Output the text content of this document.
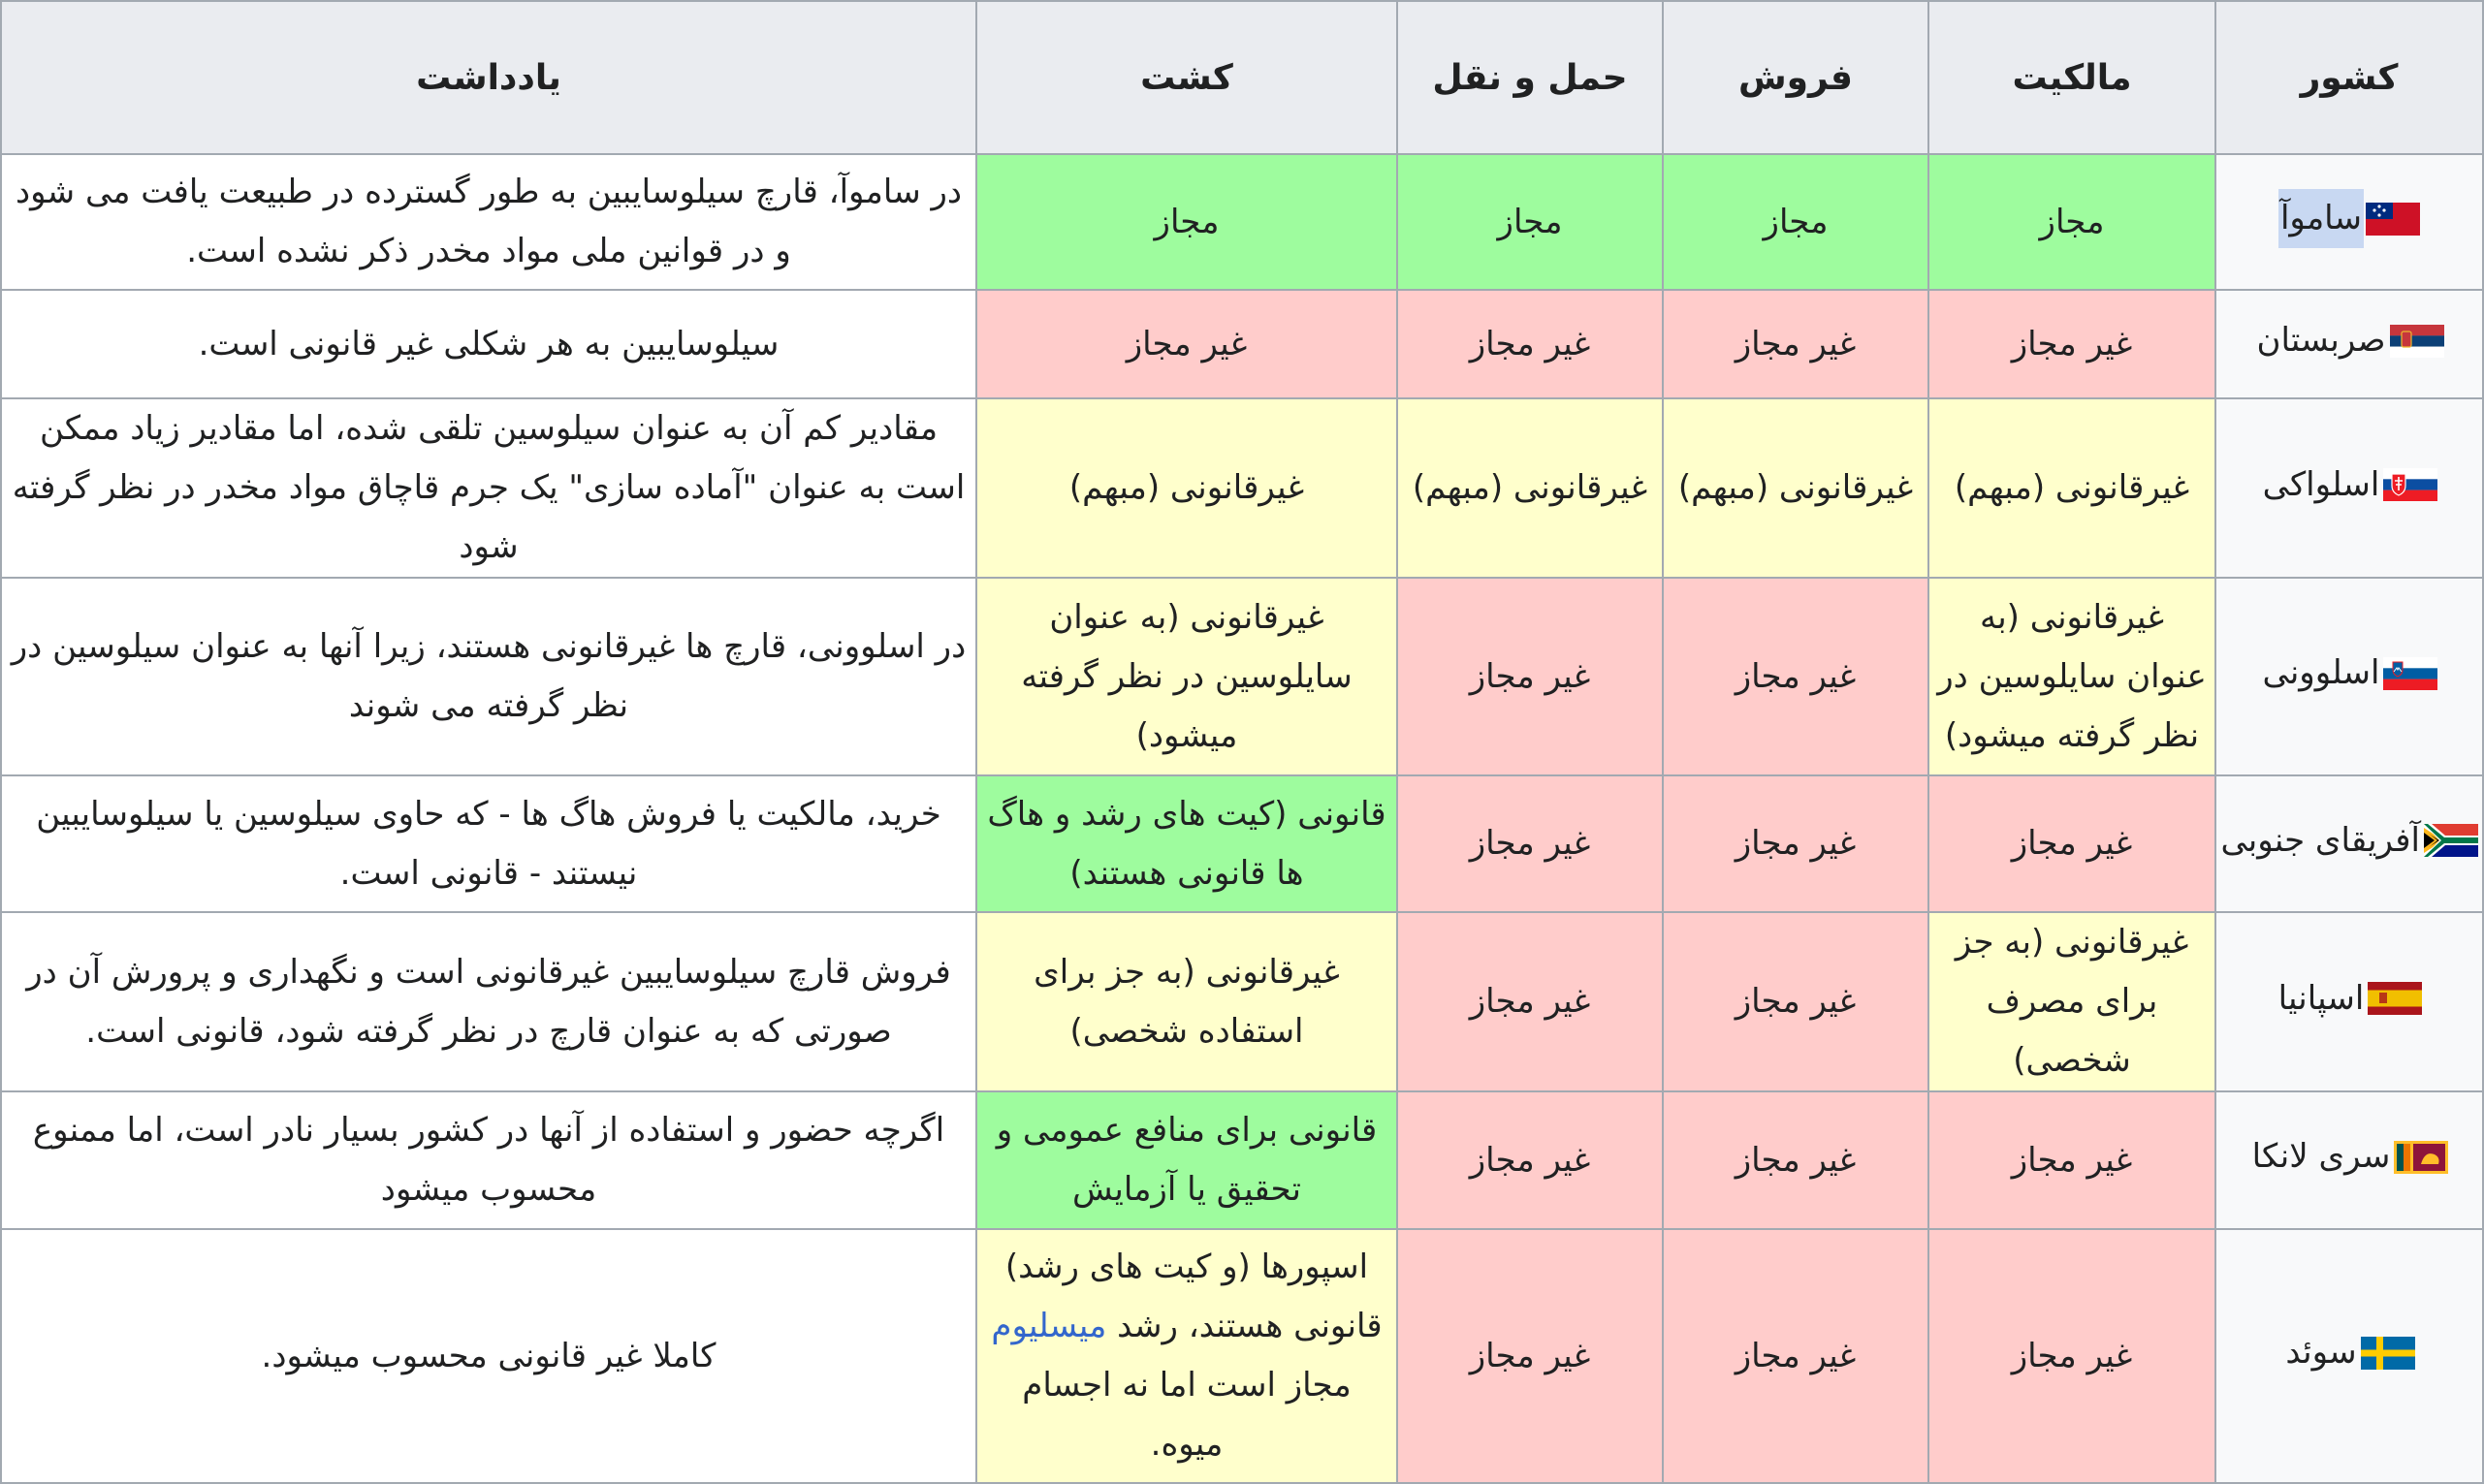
کشور	مالکیت	فروش	حمل و نقل	کشت	یادداشت

ساموآ	مجاز	مجاز	مجاز	مجاز	در ساموآ، قارچ سیلوسایبین به طور گسترده در طبیعت یافت می شود و در قوانین ملی مواد مخدر ذکر نشده است.

صربستان	غیر مجاز	غیر مجاز	غیر مجاز	غیر مجاز	سیلوسایبین به هر شکلی غیر قانونی است.

اسلواکی	غیرقانونی (مبهم)	غیرقانونی (مبهم)	غیرقانونی (مبهم)	غیرقانونی (مبهم)	مقادیر کم آن به عنوان سیلوسین تلقی شده، اما مقادیر زیاد ممکن است به عنوان "آماده سازی" یک جرم قاچاق مواد مخدر در نظر گرفته شود

اسلوونی	غیرقانونی (به عنوان سایلوسین در نظر گرفته میشود)	غیر مجاز	غیر مجاز	غیرقانونی (به عنوان سایلوسین در نظر گرفته میشود)	در اسلوونی، قارچ ها غیرقانونی هستند، زیرا آنها به عنوان سیلوسین در نظر گرفته می شوند

آفریقای جنوبی	غیر مجاز	غیر مجاز	غیر مجاز	قانونی (کیت های رشد و هاگ ها قانونی هستند)	خرید، مالکیت یا فروش هاگ ها - که حاوی سیلوسین یا سیلوسایبین نیستند - قانونی است.

اسپانیا	غیرقانونی (به جز برای مصرف شخصی)	غیر مجاز	غیر مجاز	غیرقانونی (به جز برای استفاده شخصی)	فروش قارچ سیلوسایبین غیرقانونی است و نگهداری و پرورش آن در صورتی که به عنوان قارچ در نظر گرفته شود، قانونی است.

سری لانکا	غیر مجاز	غیر مجاز	غیر مجاز	قانونی برای منافع عمومی و تحقیق یا آزمایش	اگرچه حضور و استفاده از آنها در کشور بسیار نادر است، اما ممنوع محسوب میشود

سوئد	غیر مجاز	غیر مجاز	غیر مجاز	اسپورها (و کیت های رشد) قانونی هستند، رشد میسلیوم مجاز است اما نه اجسام میوه.	کاملا غیر قانونی محسوب میشود.
